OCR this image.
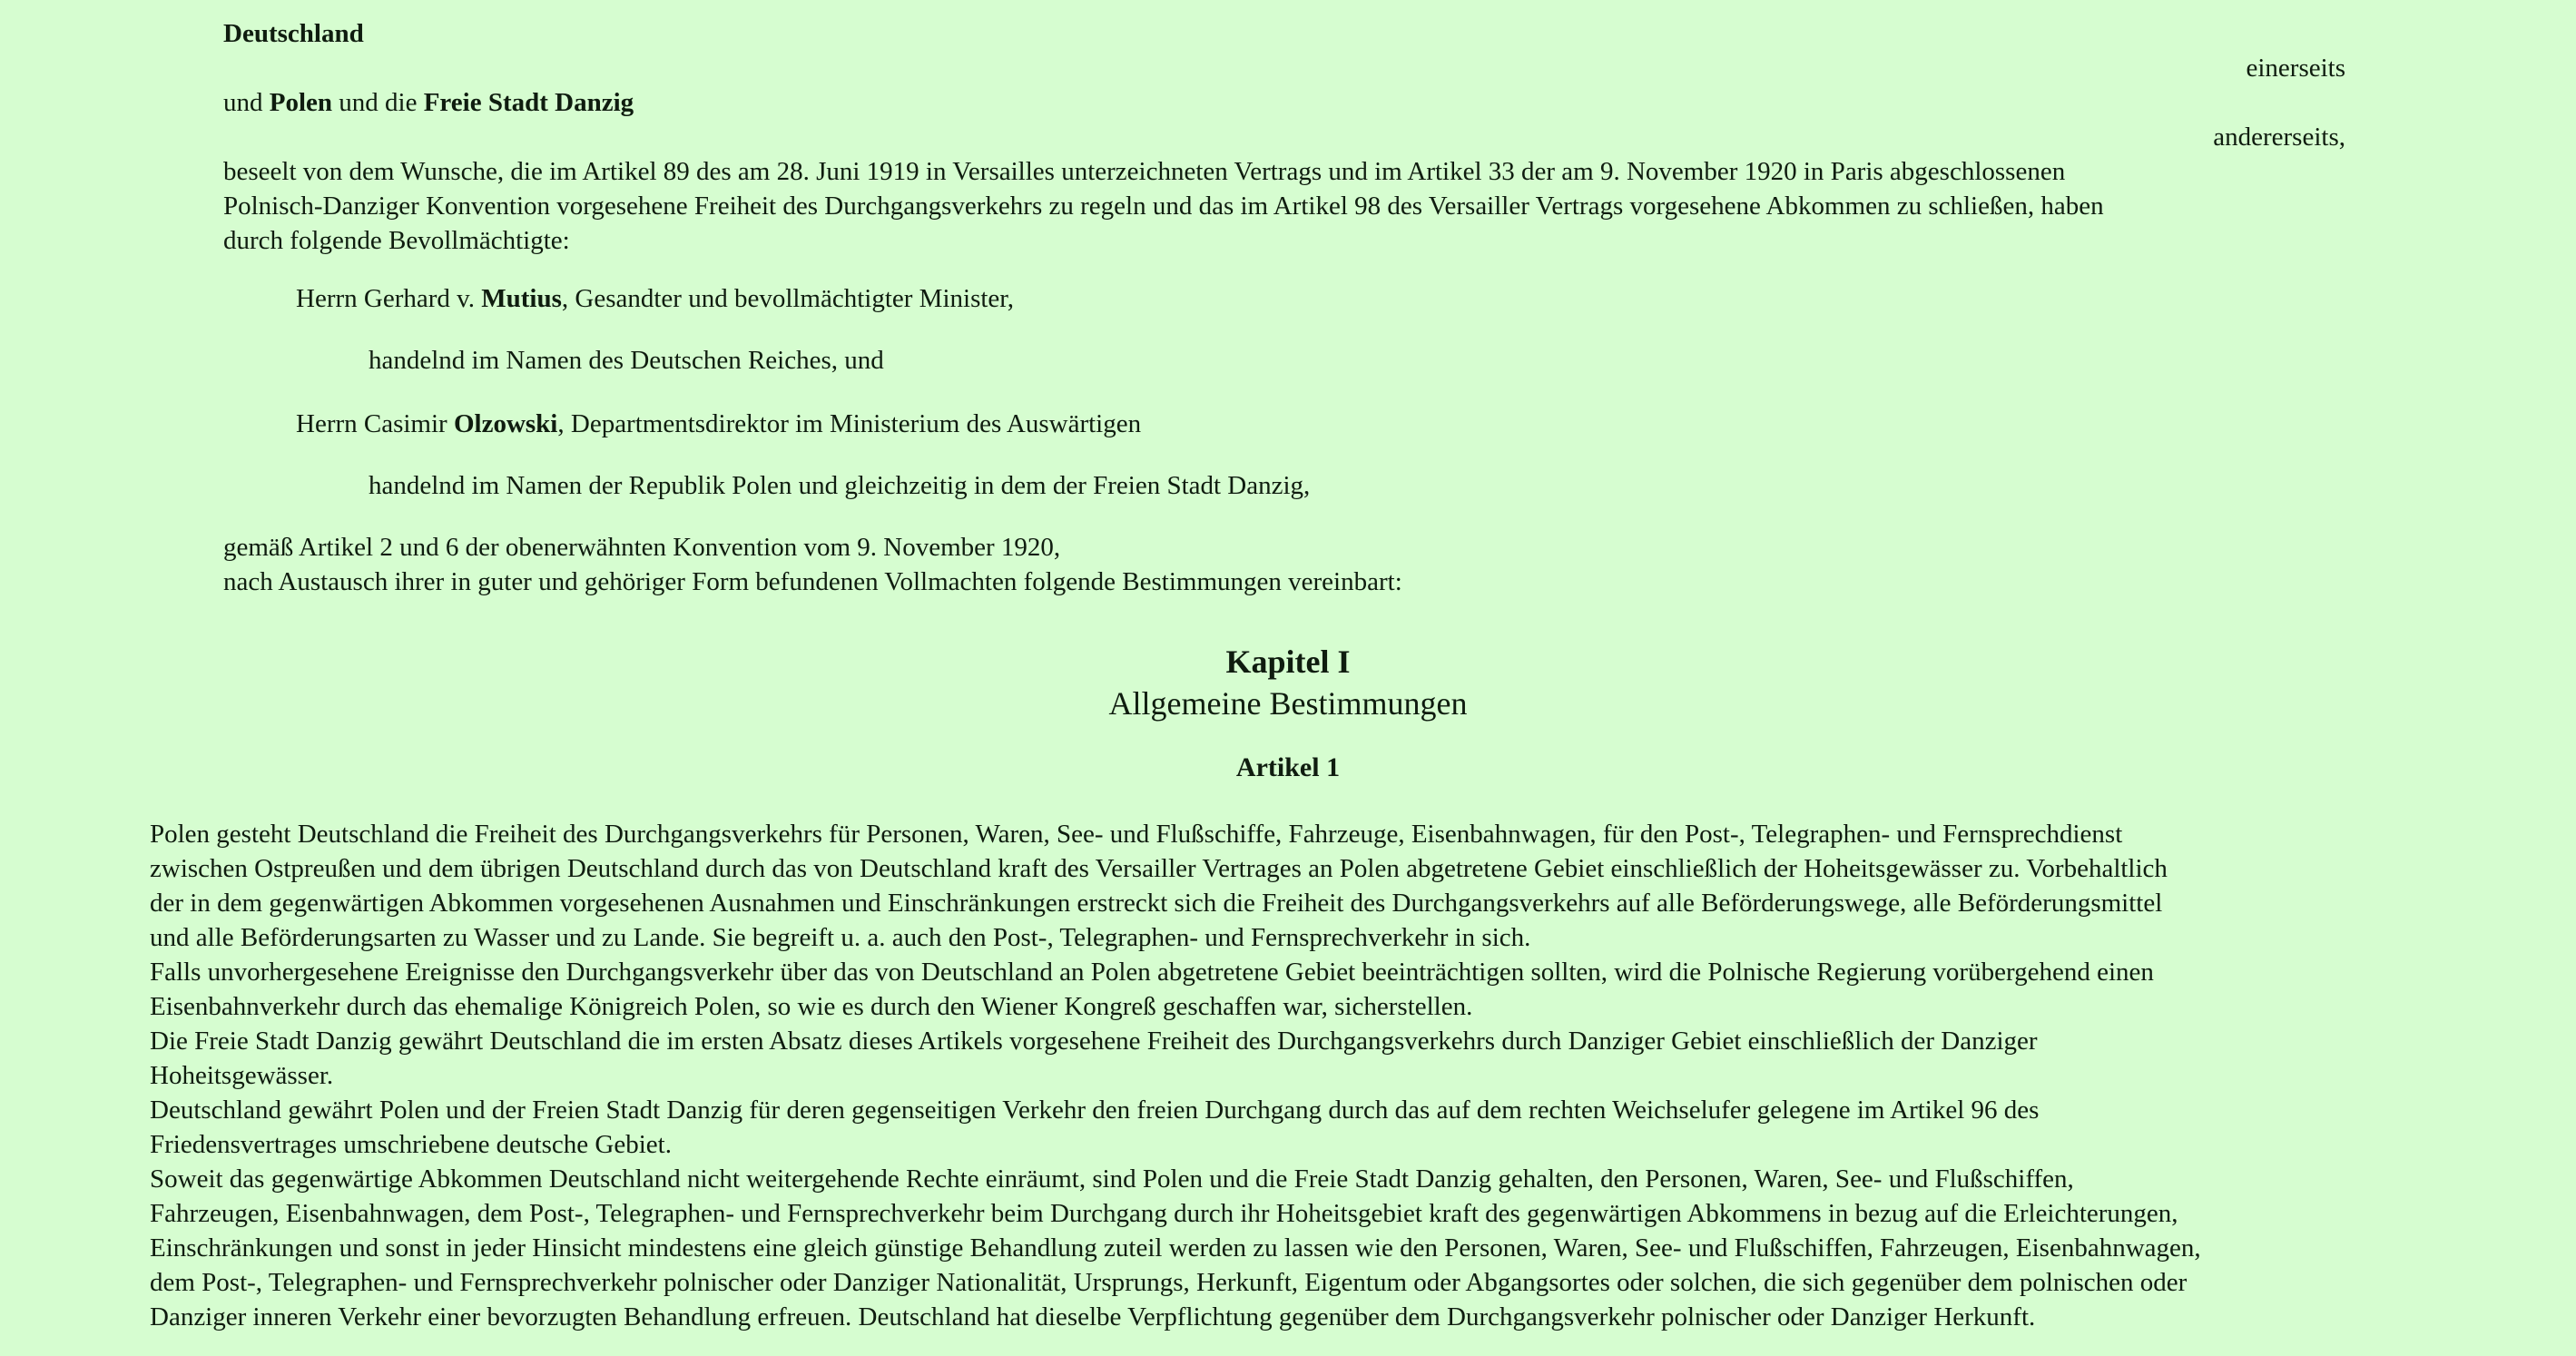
Deutschland

einerseits

und Polen und die Freie Stadt Danzig

andererseits,

beseelt von dem Wunsche, die im Artikel 89 des am 28. Juni 1919 in Versailles unterzeichneten Vertrags und im Artikel 33 der am 9. November 1920 in Paris abgeschlossenen

Polnisch-Danziger Konvention vorgesehene Freiheit des Durchgangsverkehrs zu regeln und das im Artikel 98 des Versailler Vertrags vorgesehene Abkommen zu schließen, haben

durch folgende Bevollmächtigte:

Herrn Gerhard v. Mutius, Gesandter und bevollmächtigter Minister,

handelnd im Namen des Deutschen Reiches, und

Herrn Casimir Olzowski, Departmentsdirektor im Ministerium des Auswärtigen

handelnd im Namen der Republik Polen und gleichzeitig in dem der Freien Stadt Danzig,

gemäß Artikel 2 und 6 der obenerwähnten Konvention vom 9. November 1920,

nach Austausch ihrer in guter und gehöriger Form befundenen Vollmachten folgende Bestimmungen vereinbart:

Kapitel I
Allgemeine Bestimmungen
Artikel 1

Polen gesteht Deutschland die Freiheit des Durchgangsverkehrs für Personen, Waren, See- und Flußschiffe, Fahrzeuge, Eisenbahnwagen, für den Post-, Telegraphen- und Fernsprechdienst

zwischen Ostpreußen und dem übrigen Deutschland durch das von Deutschland kraft des Versailler Vertrages an Polen abgetretene Gebiet einschließlich der Hoheitsgewässer zu. Vorbehaltlich

der in dem gegenwärtigen Abkommen vorgesehenen Ausnahmen und Einschränkungen erstreckt sich die Freiheit des Durchgangsverkehrs auf alle Beförderungswege, alle Beförderungsmittel

und alle Beförderungsarten zu Wasser und zu Lande. Sie begreift u. a. auch den Post-, Telegraphen- und Fernsprechverkehr in sich.

Falls unvorhergesehene Ereignisse den Durchgangsverkehr über das von Deutschland an Polen abgetretene Gebiet beeinträchtigen sollten, wird die Polnische Regierung vorübergehend einen

Eisenbahnverkehr durch das ehemalige Königreich Polen, so wie es durch den Wiener Kongreß geschaffen war, sicherstellen.

Die Freie Stadt Danzig gewährt Deutschland die im ersten Absatz dieses Artikels vorgesehene Freiheit des Durchgangsverkehrs durch Danziger Gebiet einschließlich der Danziger

Hoheitsgewässer.

Deutschland gewährt Polen und der Freien Stadt Danzig für deren gegenseitigen Verkehr den freien Durchgang durch das auf dem rechten Weichselufer gelegene im Artikel 96 des

Friedensvertrages umschriebene deutsche Gebiet.

Soweit das gegenwärtige Abkommen Deutschland nicht weitergehende Rechte einräumt, sind Polen und die Freie Stadt Danzig gehalten, den Personen, Waren, See- und Flußschiffen,

Fahrzeugen, Eisenbahnwagen, dem Post-, Telegraphen- und Fernsprechverkehr beim Durchgang durch ihr Hoheitsgebiet kraft des gegenwärtigen Abkommens in bezug auf die Erleichterungen,

Einschränkungen und sonst in jeder Hinsicht mindestens eine gleich günstige Behandlung zuteil werden zu lassen wie den Personen, Waren, See- und Flußschiffen, Fahrzeugen, Eisenbahnwagen,

dem Post-, Telegraphen- und Fernsprechverkehr polnischer oder Danziger Nationalität, Ursprungs, Herkunft, Eigentum oder Abgangsortes oder solchen, die sich gegenüber dem polnischen oder

Danziger inneren Verkehr einer bevorzugten Behandlung erfreuen. Deutschland hat dieselbe Verpflichtung gegenüber dem Durchgangsverkehr polnischer oder Danziger Herkunft.
